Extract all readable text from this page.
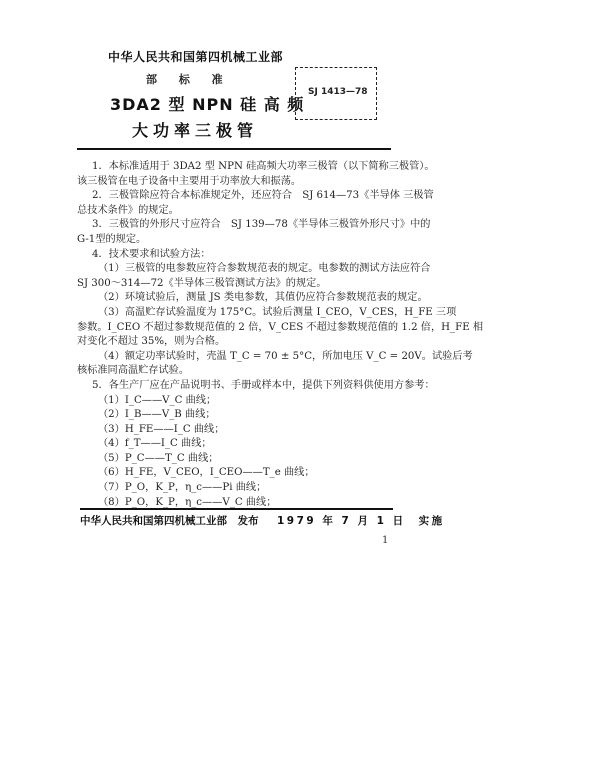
中华人民共和国第四机械工业部
部 标 准
3DA2 型 NPN 硅 高 频
大功率三极管
SJ 1413—78
1．本标准适用于 3DA2 型 NPN 硅高频大功率三极管（以下简称三极管）。
该三极管在电子设备中主要用于功率放大和振荡。
2．三极管除应符合本标准规定外，还应符合　SJ 614—73《半导体 三极管
总技术条件》的规定。
3．三极管的外形尺寸应符合　SJ 139—78《半导体三极管外形尺寸》中的
G-1型的规定。
4．技术要求和试验方法：
（1）三极管的电参数应符合参数规范表的规定。电参数的测试方法应符合
SJ 300～314—72《半导体三极管测试方法》的规定。
（2）环境试验后，测量 JS 类电参数，其值仍应符合参数规范表的规定。
（3）高温贮存试验温度为 175°C。试验后测量 I_CEO，V_CES，H_FE 三项
参数。I_CEO 不超过参数规范值的 2 倍，V_CES 不超过参数规范值的 1.2 倍，H_FE 相
对变化不超过 35%，则为合格。
（4）额定功率试验时，壳温 T_C = 70 ± 5°C，所加电压 V_C = 20V。试验后考
核标准同高温贮存试验。
5．各生产厂应在产品说明书、手册或样本中，提供下列资料供使用方参考：
（1）I_C——V_C 曲线；
（2）I_B——V_B 曲线；
（3）H_FE——I_C 曲线；
（4）f_T——I_C 曲线；
（5）P_C——T_C 曲线；
（6）H_FE，V_CEO，I_CEO——T_e 曲线；
（7）P_O，K_P，η_c——Pi 曲线；
（8）P_O，K_P，η_c——V_C 曲线；
中华人民共和国第四机械工业部　发布 1979 年 7 月 1 日　实施
1
